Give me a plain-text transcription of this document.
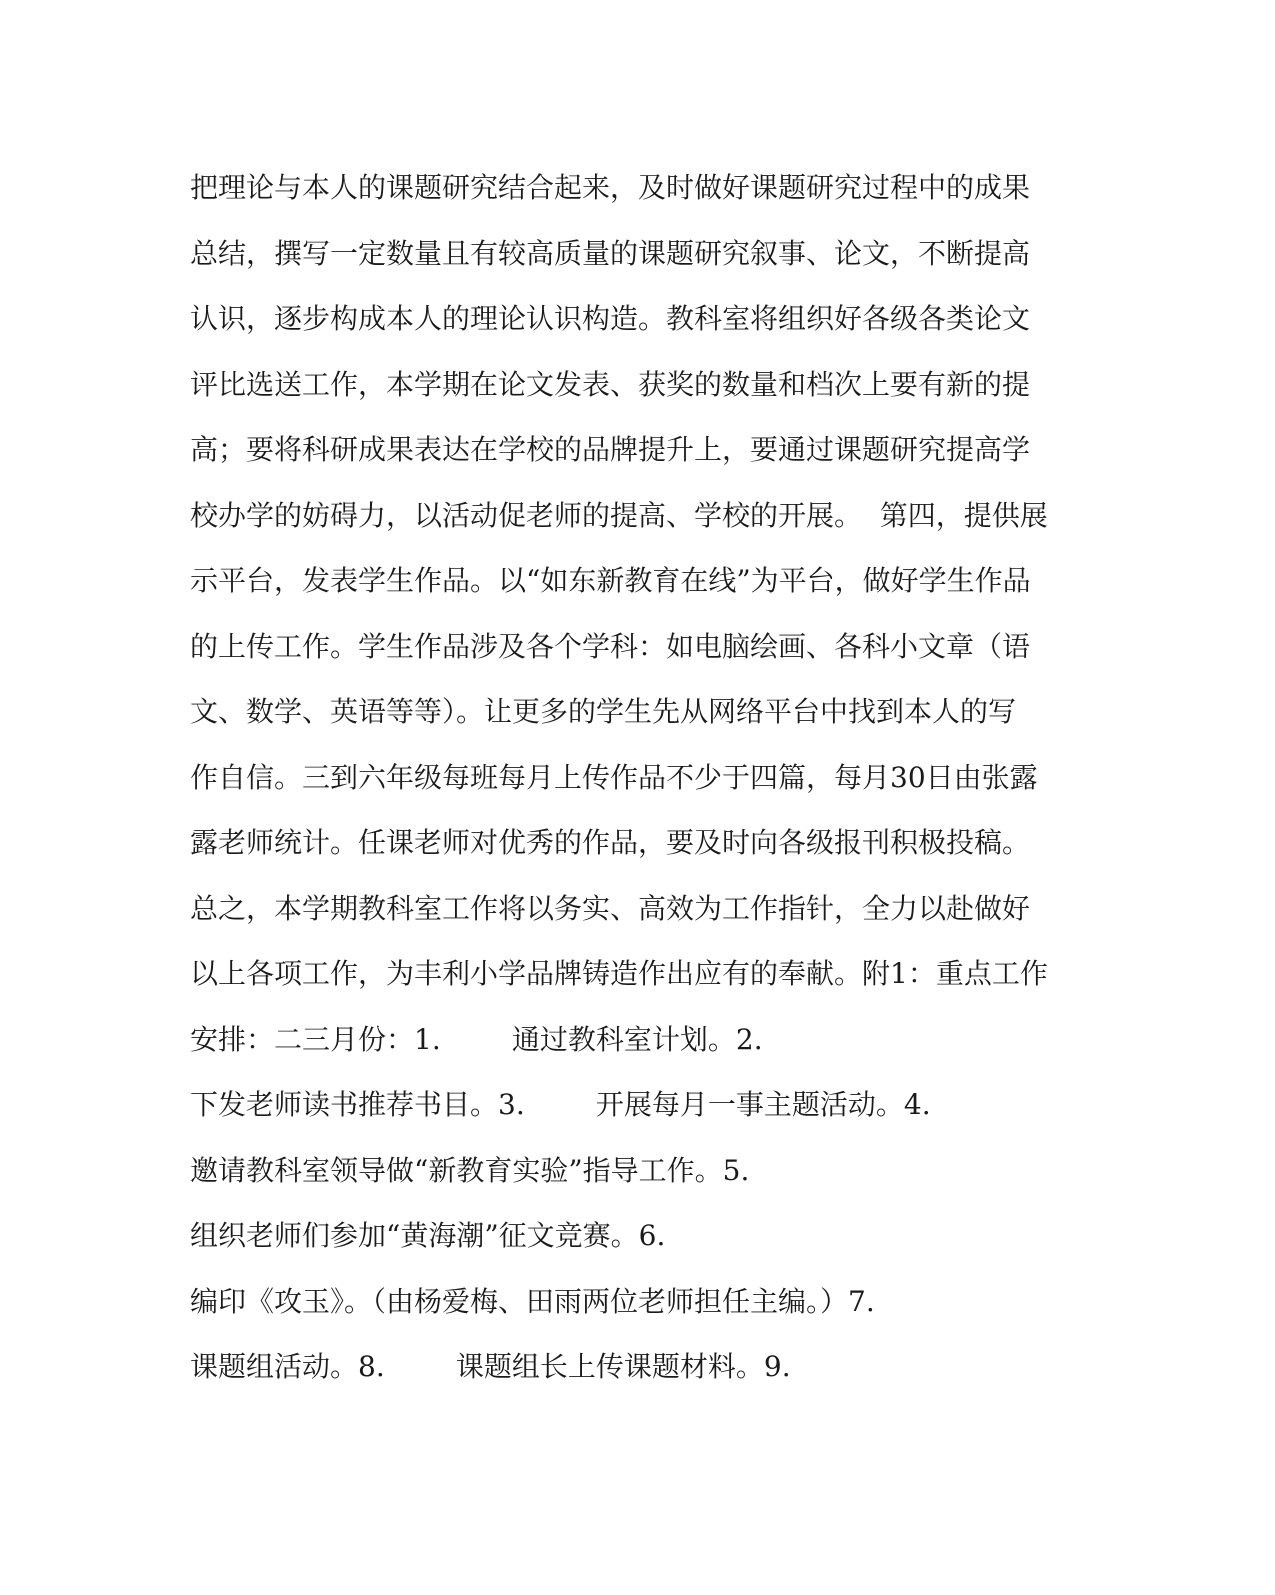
把理论与本人的课题研究结合起来，及时做好课题研究过程中的成果
总结，撰写一定数量且有较高质量的课题研究叙事、论文，不断提高
认识，逐步构成本人的理论认识构造。教科室将组织好各级各类论文
评比选送工作，本学期在论文发表、获奖的数量和档次上要有新的提
高；要将科研成果表达在学校的品牌提升上，要通过课题研究提高学
校办学的妨碍力，以活动促老师的提高、学校的开展。  第四，提供展
示平台，发表学生作品。以“如东新教育在线”为平台，做好学生作品
的上传工作。学生作品涉及各个学科：如电脑绘画、各科小文章（语
文、数学、英语等等）。让更多的学生先从网络平台中找到本人的写
作自信。三到六年级每班每月上传作品不少于四篇，每月30日由张露
露老师统计。任课老师对优秀的作品，要及时向各级报刊积极投稿。
总之，本学期教科室工作将以务实、高效为工作指针，全力以赴做好
以上各项工作，为丰利小学品牌铸造作出应有的奉献。附1：重点工作
安排：二三月份：1.        通过教科室计划。2.
下发老师读书推荐书目。3.        开展每月一事主题活动。4.
邀请教科室领导做“新教育实验”指导工作。5.
组织老师们参加“黄海潮”征文竞赛。6.
编印《攻玉》。（由杨爱梅、田雨两位老师担任主编。）7.
课题组活动。8.        课题组长上传课题材料。9.
